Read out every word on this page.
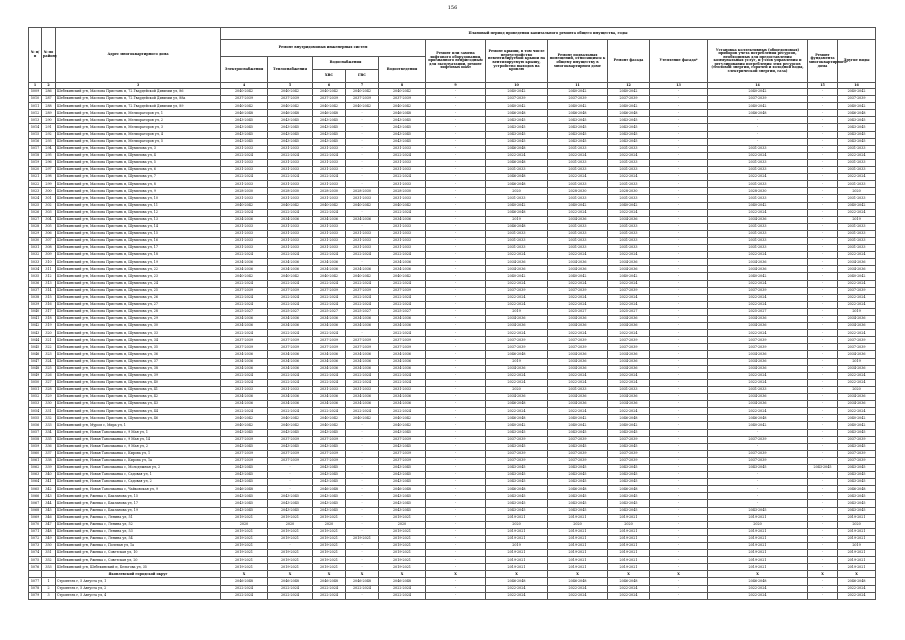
156
№ п/п	№ по району	Адрес многоквартирного дома	Плановый период проведения капитального ремонта общего имущества, годы												
			Ремонт внутридомовых инженерных систем					Ремонт или замена лифтового оборудования, признанного непригодным для эксплуатации, ремонт лифтовых шахт	Ремонт крыши, в том числе переустройство невентилируемой крыши на вентилируемую крышу, устройство выходов на кровлю	Ремонт подвальных помещений, относящихся к общему имуществу в многоквартирном доме	Ремонт фасада	Утепление фасада*	Установка коллективных (общедомовых) приборов учета потребления ресурсов, необходимых для предоставления коммунальных услуг, и узлов управления и регулирования потребления этих ресурсов (тепловой энергии, горячей и холодной воды, электрической энергии, газа)	Ремонт фундамента многоквартирного дома	Другие виды
			Электроснабжения	Теплоснабжения	Водоснабжения		Водоотведения								
					ХВС	ГВС									
1	2	3	4	5	6	7	8	9	10	11	12	13	14	15	16
5009	286	Шебекинский р-н, Маслова Пристань п, 72 Гвардейской Дивизии ул, 86	2040-2042	2040-2042	2040-2042	2040-2042	2040-2042	-	2040-2042	2040-2042	2040-2042	-	2040-2042	-	2040-2042
5010	287	Шебекинский р-н, Маслова Пристань п, 72 Гвардейской Дивизии ул, 88а	2037-2039	2037-2039	2037-2039	2037-2039	2037-2039	-	2037-2039	2037-2039	2037-2039	-	2037-2039	-	2037-2039
5011	288	Шебекинский р-н, Маслова Пристань п, 72 Гвардейской Дивизии ул, 89	2040-2042	2040-2042	2040-2042	2040-2042	2040-2042	-	2040-2042	2040-2042	2040-2042	-	2040-2042	-	2040-2042
5012	289	Шебекинский р-н, Маслова Пристань п, Мелиораторов ул, 1	2046-2048	2046-2048	2046-2048	-	2046-2048	-	2046-2048	2046-2048	2046-2048	-	2046-2048	-	2046-2048
5013	290	Шебекинский р-н, Маслова Пристань п, Мелиораторов ул, 2	2043-2045	2043-2045	2043-2045	-	2043-2045	-	2043-2045	2043-2045	2043-2045	-	-	-	2043-2045
5014	291	Шебекинский р-н, Маслова Пристань п, Мелиораторов ул, 3	2043-2045	2043-2045	2043-2045	-	2043-2045	-	2043-2045	2043-2045	2043-2045	-	-	-	2043-2045
5015	292	Шебекинский р-н, Маслова Пристань п, Мелиораторов ул, 4	2043-2045	2043-2045	2043-2045	-	2043-2045	-	2043-2045	2043-2045	2043-2045	-	-	-	2043-2045
5016	293	Шебекинский р-н, Маслова Пристань п, Мелиораторов ул, 5	2043-2045	2043-2045	2043-2045	-	2043-2045	-	2043-2045	2043-2045	2043-2045	-	-	-	2043-2045
5017	294	Шебекинский р-н, Маслова Пристань п, Шумилова ул, 3	2031-2033	2031-2033	2031-2033	-	2031-2033	-	2046-2048	2031-2033	2031-2033	-	2031-2033	-	2031-2033
5018	295	Шебекинский р-н, Маслова Пристань п, Шумилова ул, 4	2022-2024	2022-2024	2022-2024	-	2022-2024	-	2022-2024	2022-2024	2022-2024	-	2022-2024	-	2022-2024
5019	296	Шебекинский р-н, Маслова Пристань п, Шумилова ул, 5	2031-2033	2031-2033	2031-2033	-	2031-2033	-	2046-2048	2031-2033	2031-2033	-	2031-2033	-	2031-2033
5020	297	Шебекинский р-н, Маслова Пристань п, Шумилова ул, 6	2031-2033	2031-2033	2031-2033	-	2031-2033	-	2031-2033	2031-2033	2031-2033	-	2031-2033	-	2031-2033
5021	298	Шебекинский р-н, Маслова Пристань п, Шумилова ул, 7	2022-2024	2022-2024	2022-2024	-	2022-2024	-	2046-2048	2022-2024	2022-2024	-	2022-2024	-	2022-2024
5022	299	Шебекинский р-н, Маслова Пристань п, Шумилова ул, 8	2031-2033	2031-2033	2031-2033	-	2031-2033	-	2046-2048	2031-2033	2031-2033	-	2031-2033	-	2031-2033
5023	300	Шебекинский р-н, Маслова Пристань п, Шумилова ул, 9	2028-2030	2028-2030	2028-2030	2028-2030	2028-2030	-	2020	2028-2030	2028-2030	-	2028-2030	-	2020
5024	301	Шебекинский р-н, Маслова Пристань п, Шумилова ул, 10	2031-2033	2031-2033	2031-2033	2031-2033	2031-2033	-	2031-2033	2031-2033	2031-2033	-	2031-2033	-	2031-2033
5025	302	Шебекинский р-н, Маслова Пристань п, Шумилова ул, 11	2040-2042	2040-2042	2040-2042	2040-2042	2040-2042	-	2040-2042	2040-2042	2040-2042	-	2040-2042	-	2040-2042
5026	303	Шебекинский р-н, Маслова Пристань п, Шумилова ул, 12	2022-2024	2022-2024	2022-2024	-	2022-2024	-	2046-2048	2022-2024	2022-2024	-	2022-2024	-	2022-2024
5027	304	Шебекинский р-н, Маслова Пристань п, Шумилова ул, 13	2034-2036	2034-2036	2034-2036	2034-2036	2034-2036	-	2019	2034-2036	2034-2036	-	2034-2036	-	2019
5028	305	Шебекинский р-н, Маслова Пристань п, Шумилова ул, 14	2031-2033	2031-2033	2031-2033	-	2031-2033	-	2046-2048	2031-2033	2031-2033	-	2031-2033	-	2031-2033
5029	306	Шебекинский р-н, Маслова Пристань п, Шумилова ул, 15	2031-2033	2031-2033	2031-2033	2031-2033	2031-2033	-	2031-2033	2031-2033	2031-2033	-	2031-2033	-	2031-2033
5030	307	Шебекинский р-н, Маслова Пристань п, Шумилова ул, 16	2031-2033	2031-2033	2031-2033	2031-2033	2031-2033	-	2031-2033	2031-2033	2031-2033	-	2031-2033	-	2031-2033
5031	308	Шебекинский р-н, Маслова Пристань п, Шумилова ул, 17	2031-2033	2031-2033	2031-2033	2031-2033	2031-2033	-	2031-2033	2031-2033	2031-2033	-	2031-2033	-	2031-2033
5032	309	Шебекинский р-н, Маслова Пристань п, Шумилова ул, 18	2022-2024	2022-2024	2022-2024	2022-2024	2022-2024	-	2022-2024	2022-2024	2022-2024	-	2022-2024	-	2022-2024
5033	310	Шебекинский р-н, Маслова Пристань п, Шумилова ул, 19	2034-2036	2034-2036	2034-2036	-	2034-2036	-	2034-2036	2034-2036	2034-2036	-	2034-2036	-	2034-2036
5034	311	Шебекинский р-н, Маслова Пристань п, Шумилова ул, 22	2034-2036	2034-2036	2034-2036	2034-2036	2034-2036	-	2034-2036	2034-2036	2034-2036	-	2034-2036	-	2034-2036
5035	312	Шебекинский р-н, Маслова Пристань п, Шумилова ул, 23	2040-2042	2040-2042	2040-2042	2040-2042	2040-2042	-	2040-2042	2040-2042	2040-2042	-	2040-2042	-	2040-2042
5036	313	Шебекинский р-н, Маслова Пристань п, Шумилова ул, 24	2022-2024	2022-2024	2022-2024	2022-2024	2022-2024	-	2022-2024	2022-2024	2022-2024	-	2022-2024	-	2022-2024
5037	314	Шебекинский р-н, Маслова Пристань п, Шумилова ул, 25	2037-2039	2037-2039	2037-2039	2037-2039	2037-2039	-	2037-2039	2037-2039	2037-2039	-	2037-2039	-	2037-2039
5038	315	Шебекинский р-н, Маслова Пристань п, Шумилова ул, 26	2022-2024	2022-2024	2022-2024	2022-2024	2022-2024	-	2022-2024	2022-2024	2022-2024	-	2022-2024	-	2022-2024
5039	316	Шебекинский р-н, Маслова Пристань п, Шумилова ул, 27	2022-2024	2022-2024	2022-2024	2022-2024	2022-2024	-	2022-2024	2022-2024	2022-2024	-	2022-2024	-	2022-2024
5040	317	Шебекинский р-н, Маслова Пристань п, Шумилова ул, 28	2025-2027	2025-2027	2025-2027	2025-2027	2025-2027	-	2019	2025-2027	2025-2027	-	2025-2027	-	2019
5041	318	Шебекинский р-н, Маслова Пристань п, Шумилова ул, 29	2034-2036	2034-2036	2034-2036	2034-2036	2034-2036	-	2034-2036	2034-2036	2034-2036	-	2034-2036	-	2034-2036
5042	319	Шебекинский р-н, Маслова Пристань п, Шумилова ул, 30	2034-2036	2034-2036	2034-2036	2034-2036	2034-2036	-	2034-2036	2034-2036	2034-2036	-	2034-2036	-	2034-2036
5043	320	Шебекинский р-н, Маслова Пристань п, Шумилова ул, 33	2022-2024	2022-2024	2022-2024	-	2022-2024	-	2022-2024	2022-2024	2022-2024	-	2022-2024	-	2022-2024
5044	321	Шебекинский р-н, Маслова Пристань п, Шумилова ул, 34	2037-2039	2037-2039	2037-2039	2037-2039	2037-2039	-	2037-2039	2037-2039	2037-2039	-	2037-2039	-	2037-2039
5045	322	Шебекинский р-н, Маслова Пристань п, Шумилова ул, 35	2037-2039	2037-2039	2037-2039	2037-2039	2037-2039	-	2037-2039	2037-2039	2037-2039	-	2037-2039	-	2037-2039
5046	323	Шебекинский р-н, Маслова Пристань п, Шумилова ул, 36	2034-2036	2034-2036	2034-2036	2034-2036	2034-2036	-	2046-2048	2034-2036	2034-2036	-	2034-2036	-	2034-2036
5047	324	Шебекинский р-н, Маслова Пристань п, Шумилова ул, 37	2034-2036	2034-2036	2034-2036	2034-2036	2034-2036	-	2019	2034-2036	2034-2036	-	2034-2036	-	2019
5048	325	Шебекинский р-н, Маслова Пристань п, Шумилова ул, 38	2034-2036	2034-2036	2034-2036	2034-2036	2034-2036	-	2034-2036	2034-2036	2034-2036	-	2034-2036	-	2034-2036
5049	326	Шебекинский р-н, Маслова Пристань п, Шумилова ул, 39	2022-2024	2022-2024	2022-2024	2022-2024	2022-2024	-	2022-2024	2022-2024	2022-2024	-	2022-2024	-	2022-2024
5050	327	Шебекинский р-н, Маслова Пристань п, Шумилова ул, 40	2022-2024	2022-2024	2022-2024	2022-2024	2022-2024	-	2022-2024	2022-2024	2022-2024	-	2022-2024	-	2022-2024
5051	328	Шебекинский р-н, Маслова Пристань п, Шумилова ул, 41	2031-2033	2031-2033	2031-2033	2031-2033	2031-2033	-	2020	2031-2033	2031-2033	-	2031-2033	-	2020
5052	329	Шебекинский р-н, Маслова Пристань п, Шумилова ул, 42	2034-2036	2034-2036	2034-2036	2034-2036	2034-2036	-	2034-2036	2034-2036	2034-2036	-	2034-2036	-	2034-2036
5053	330	Шебекинский р-н, Маслова Пристань п, Шумилова ул, 43	2034-2036	2034-2036	2034-2036	2034-2036	2034-2036	-	2046-2048	2034-2036	2034-2036	-	2034-2036	-	2034-2036
5054	331	Шебекинский р-н, Маслова Пристань п, Шумилова ул, 44	2022-2024	2022-2024	2022-2024	2022-2024	2022-2024	-	2022-2024	2022-2024	2022-2024	-	2022-2024	-	2022-2024
5055	332	Шебекинский р-н, Маслова Пристань п, Шумилова ул, 46	2040-2042	2040-2042	2040-2042	2040-2042	2040-2042	-	2046-2048	2040-2042	2046-2048	-	2046-2048	-	2040-2042
5056	333	Шебекинский р-н, Муром с, Мира ул, 1	2040-2042	2040-2042	2040-2042	-	2040-2042	-	2040-2042	2040-2042	2040-2042	-	2040-2042	-	2040-2042
5057	334	Шебекинский р-н, Новая Таволжанка с, 9 Мая ул, 1	2043-2045	2043-2045	2043-2045	-	2043-2045	-	2043-2045	2043-2045	2043-2045	-	-	-	2043-2045
5058	335	Шебекинский р-н, Новая Таволжанка с, 9 Мая ул, 14	2037-2039	2037-2039	2037-2039	-	2037-2039	-	2037-2039	2037-2039	2037-2039	-	2037-2039	-	2037-2039
5059	336	Шебекинский р-н, Новая Таволжанка с, 9 Мая ул, 2	2043-2045	2043-2045	2043-2045	-	2043-2045	-	2043-2045	2043-2045	2043-2045	-	-	-	2043-2045
5060	337	Шебекинский р-н, Новая Таволжанка с, Кирова ул, 1	2037-2039	2037-2039	2037-2039	-	2037-2039	-	2037-2039	2037-2039	2037-2039	-	2037-2039	-	2037-2039
5061	338	Шебекинский р-н, Новая Таволжанка с, Кирова ул, 1а	2037-2039	2037-2039	2037-2039	-	2037-2039	-	2037-2039	2037-2039	2037-2039	-	2037-2039	-	2037-2039
5062	339	Шебекинский р-н, Новая Таволжанка с, Молодежная ул, 2	2043-2045	-	2043-2045	-	2043-2045	-	2043-2045	2043-2045	2043-2045	-	2043-2045	2043-2045	2043-2045
5063	340	Шебекинский р-н, Новая Таволжанка с, Садовая ул, 1	2043-2045	-	2043-2045	-	2043-2045	-	2043-2045	2043-2045	2043-2045	-	-	-	2043-2045
5064	341	Шебекинский р-н, Новая Таволжанка с, Садовая ул, 2	2043-2045	-	2043-2045	-	2043-2045	-	2043-2045	2043-2045	2043-2045	-	-	-	2043-2045
5065	342	Шебекинский р-н, Новая Таволжанка с, Чайковская ул, 9	2046-2048	-	2046-2048	-	2046-2048	-	2046-2048	2046-2048	2046-2048	-	-	-	2046-2048
5066	343	Шебекинский р-н, Ржевка с, Бакланова ул, 15	2043-2045	2043-2045	2043-2045	-	2043-2045	-	2043-2045	2043-2045	2043-2045	-	-	-	2043-2045
5067	344	Шебекинский р-н, Ржевка с, Бакланова ул, 17	2043-2045	2043-2045	2043-2045	-	2043-2045	-	2043-2045	2043-2045	2043-2045	-	-	-	2043-2045
5068	345	Шебекинский р-н, Ржевка с, Бакланова ул, 19	2043-2045	2043-2045	2043-2045	-	2043-2045	-	2043-2045	2043-2045	2043-2045	-	2043-2045	-	2043-2045
5069	346	Шебекинский р-н, Ржевка с, Ленина ул, 51	2019-2021	2019-2021	2019-2021	-	2019-2021	-	2019-2021	2019-2021	2019-2021	-	2019-2021	-	2019-2021
5070	347	Шебекинский р-н, Ржевка с, Ленина ул, 52	2020	2020	2020	-	2020	-	2020	2020	2020	-	2020	-	2020
5071	348	Шебекинский р-н, Ржевка с, Ленина ул, 53	2019-2021	2019-2021	2019-2021	-	2019-2021	-	2019-2021	2019-2021	2019-2021	-	2019-2021	-	2019-2021
5072	349	Шебекинский р-н, Ржевка с, Ленина ул, 54	2019-2021	2019-2021	2019-2021	2019-2021	2019-2021	-	2019-2021	2019-2021	2019-2021	-	2019-2021	-	2019-2021
5073	350	Шебекинский р-н, Ржевка с, Полевая ул, 1а	2019-2021	-	2019-2021	-	2019-2021	-	2019	2019-2021	2019-2021	-	2019-2021	-	2019
5074	351	Шебекинский р-н, Ржевка с, Советская ул, 10	2019-2021	2019-2021	2019-2021	-	2019-2021	-	2019-2021	2019-2021	2019-2021	-	2019-2021	-	2019-2021
5075	352	Шебекинский р-н, Ржевка с, Советская ул, 20	2019-2021	2019-2021	2019-2021	-	2019-2021	-	2019-2021	2019-2021	2019-2021	-	2019-2021	-	2019-2021
5076	353	Шебекинский р-н, Шебекинский п, Бельгова ул, 35	2019-2021	2019-2021	2019-2021	-	2019-2021	-	2019-2021	2019-2021	2019-2021	-	2019-2021	-	2019-2021
		Яковлевский городской округ	X	X	X	X	X	X	X	X	X	X	X	X	X
5077	1	Строитель г, 5 Августа ул, 1	2046-2048	2046-2048	2046-2048	2046-2048	2046-2048	-	2046-2048	2046-2048	2046-2048	-	2046-2048	-	2046-2048
5078	2	Строитель г, 5 Августа ул, 2	2022-2024	2022-2024	2022-2024	2022-2024	2022-2024	-	2022-2024	2022-2024	2022-2024	-	2022-2024	-	2022-2024
5079	3	Строитель г, 5 Августа ул, 4	2022-2024	2022-2024	2022-2024	-	2022-2024	-	2022-2024	2022-2024	2022-2024	-	2022-2024	-	2022-2024
